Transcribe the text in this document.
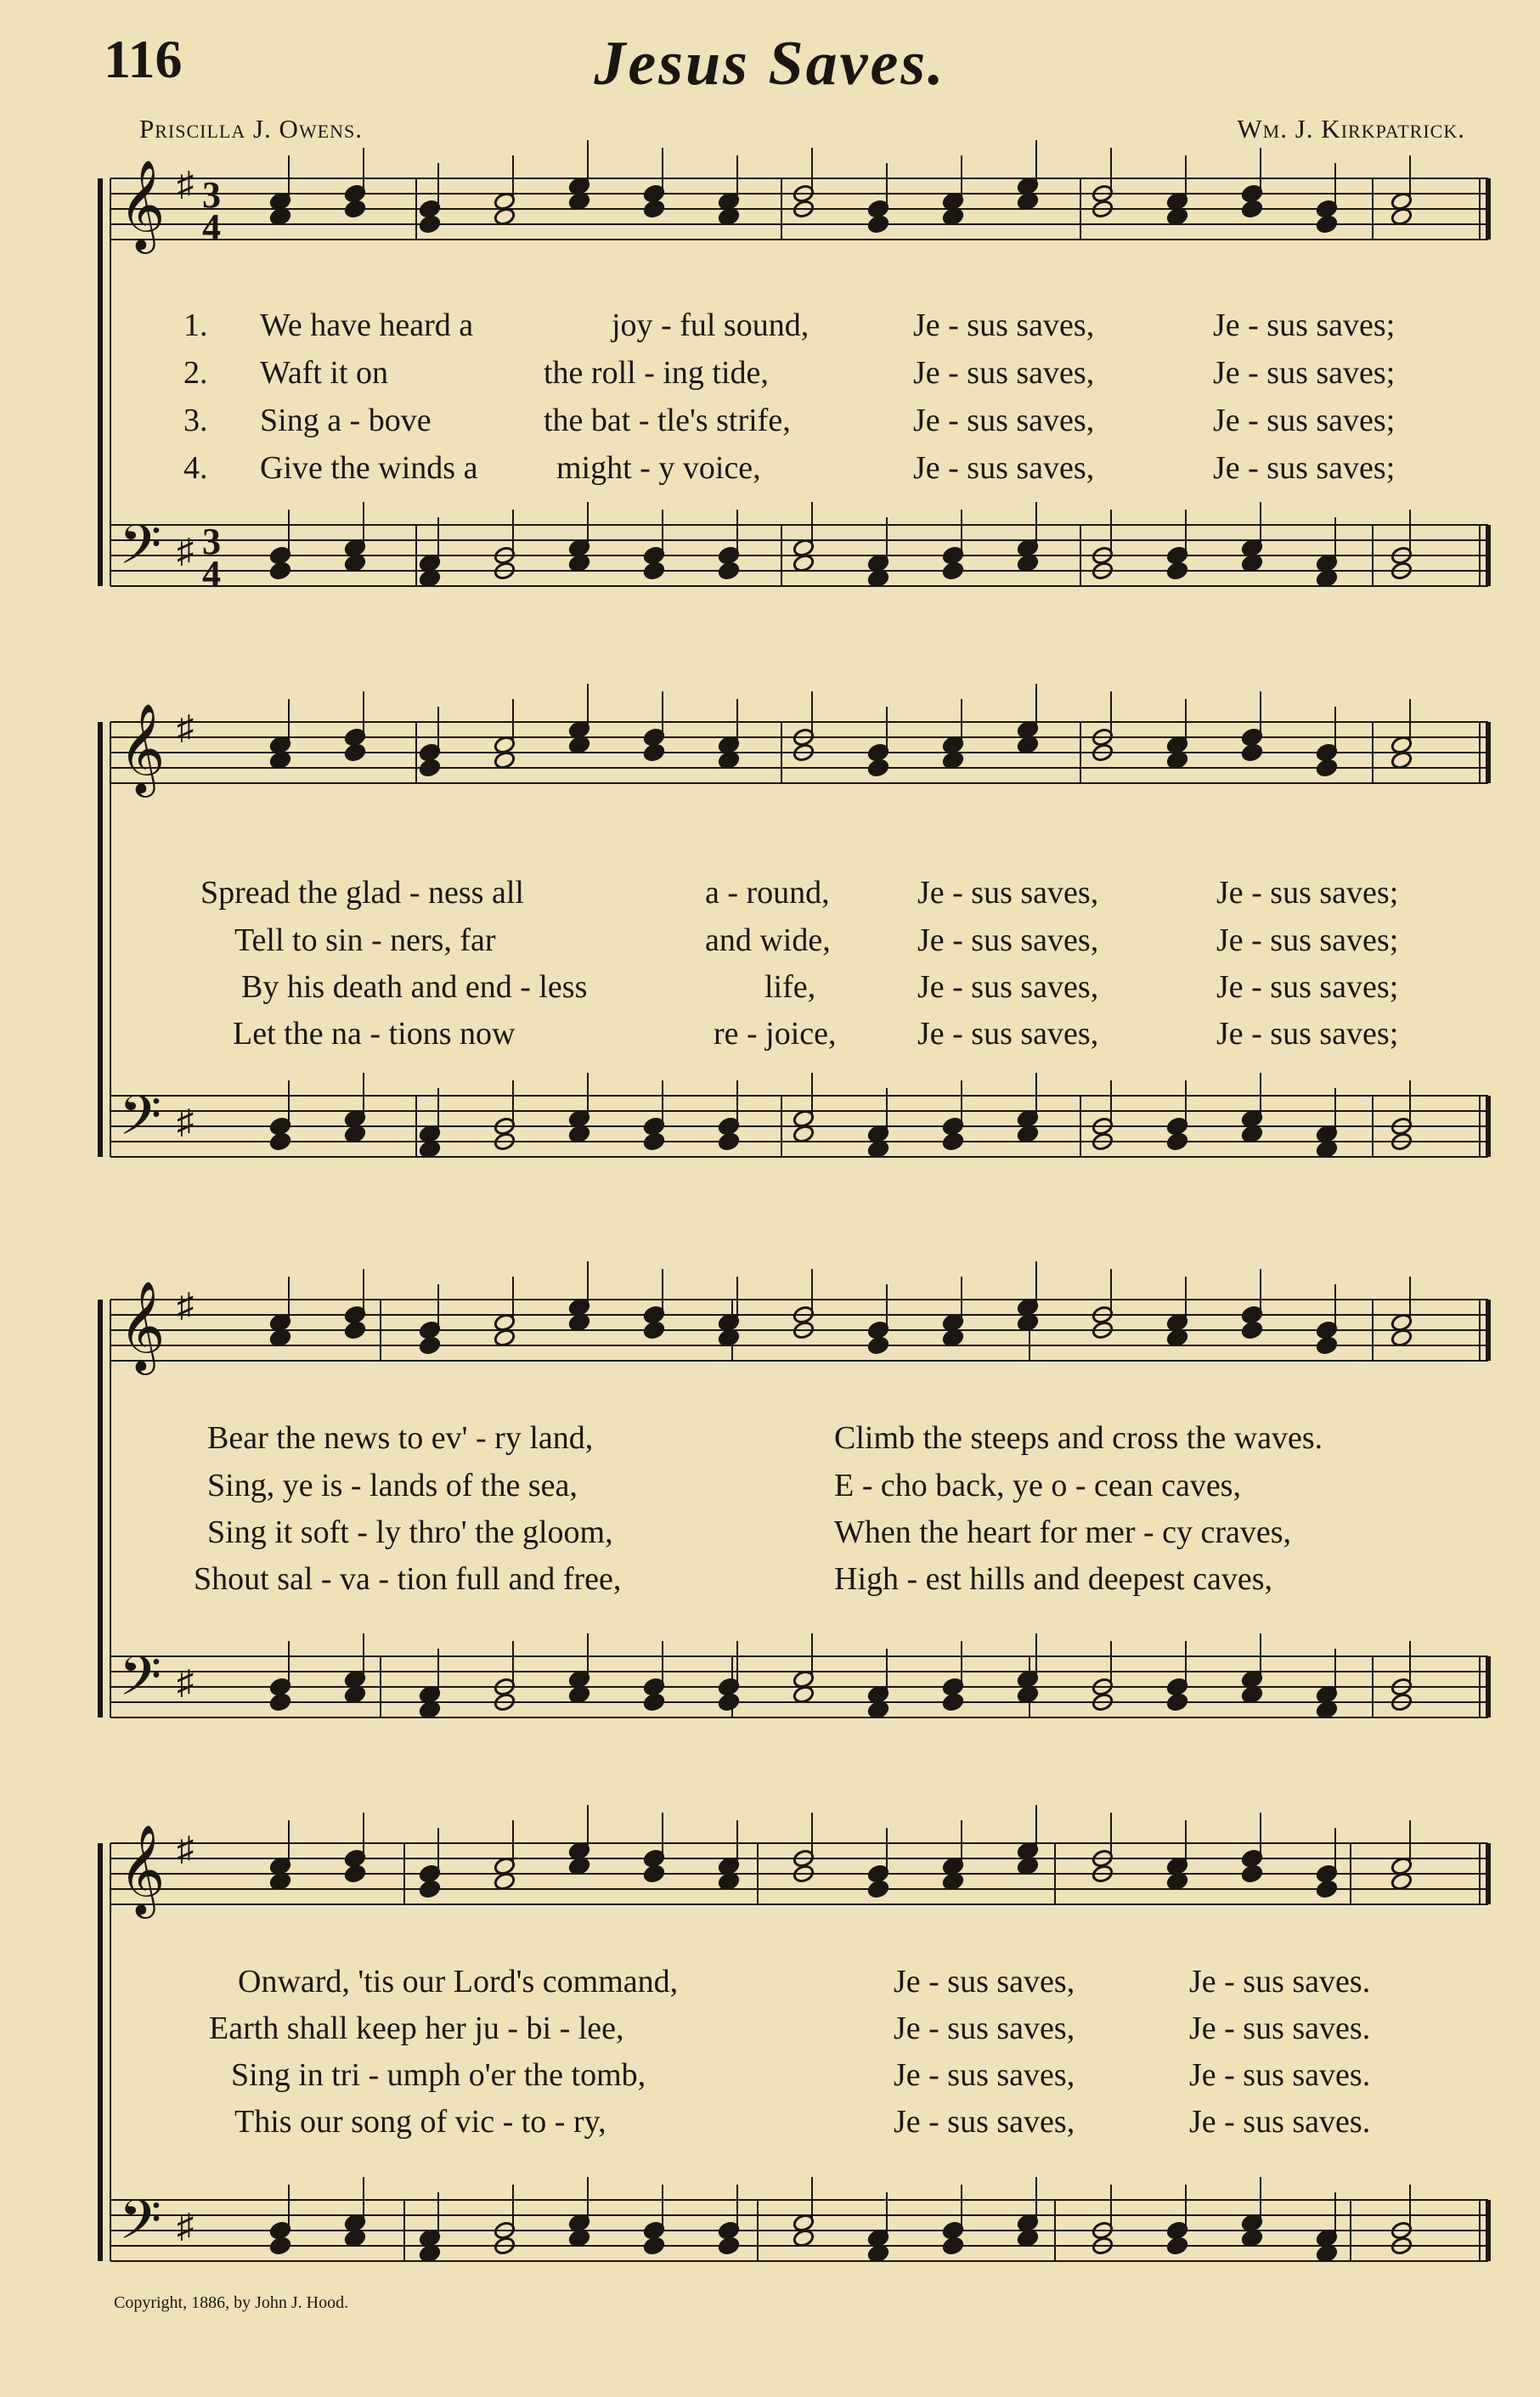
116	Jesus Saves.
Priscilla J. Owens.	Wm. J. Kirkpatrick.
𝄞
𝄢
♯
♯
3
4
3
4
𝄞
𝄢
♯
♯
𝄞
𝄢
♯
♯
𝄞
𝄢
♯
♯
1. We have heard a	joy - ful sound,	Je - sus saves,	Je - sus saves;
2. Waft it on	the roll - ing tide,	Je - sus saves,	Je - sus saves;
3. Sing a - bove	the bat - tle's strife,	Je - sus saves,	Je - sus saves;
4. Give the winds a might - y voice,	Je - sus saves,	Je - sus saves;
Spread the glad - ness all	a - round,	Je - sus saves,	Je - sus saves;
Tell to sin - ners, far	and wide,	Je - sus saves,	Je - sus saves;
By his death and end - less	life,	Je - sus saves,	Je - sus saves;
Let the na - tions now	re - joice,	Je - sus saves,	Je - sus saves;
Bear the news to ev' - ry land,	Climb the steeps and cross the waves.
Sing, ye is - lands of the sea,	E - cho back, ye o - cean caves,
Sing it soft - ly thro' the gloom,	When the heart for mer - cy craves,
Shout sal - va - tion full and free,	High - est hills and deepest caves,
Onward, 'tis our Lord's command,	Je - sus saves,	Je - sus saves.
Earth shall keep her ju - bi - lee,	Je - sus saves,	Je - sus saves.
Sing in tri - umph o'er the tomb,	Je - sus saves,	Je - sus saves.
This our song of vic - to - ry,	Je - sus saves,	Je - sus saves.
Copyright, 1886, by John J. Hood.
